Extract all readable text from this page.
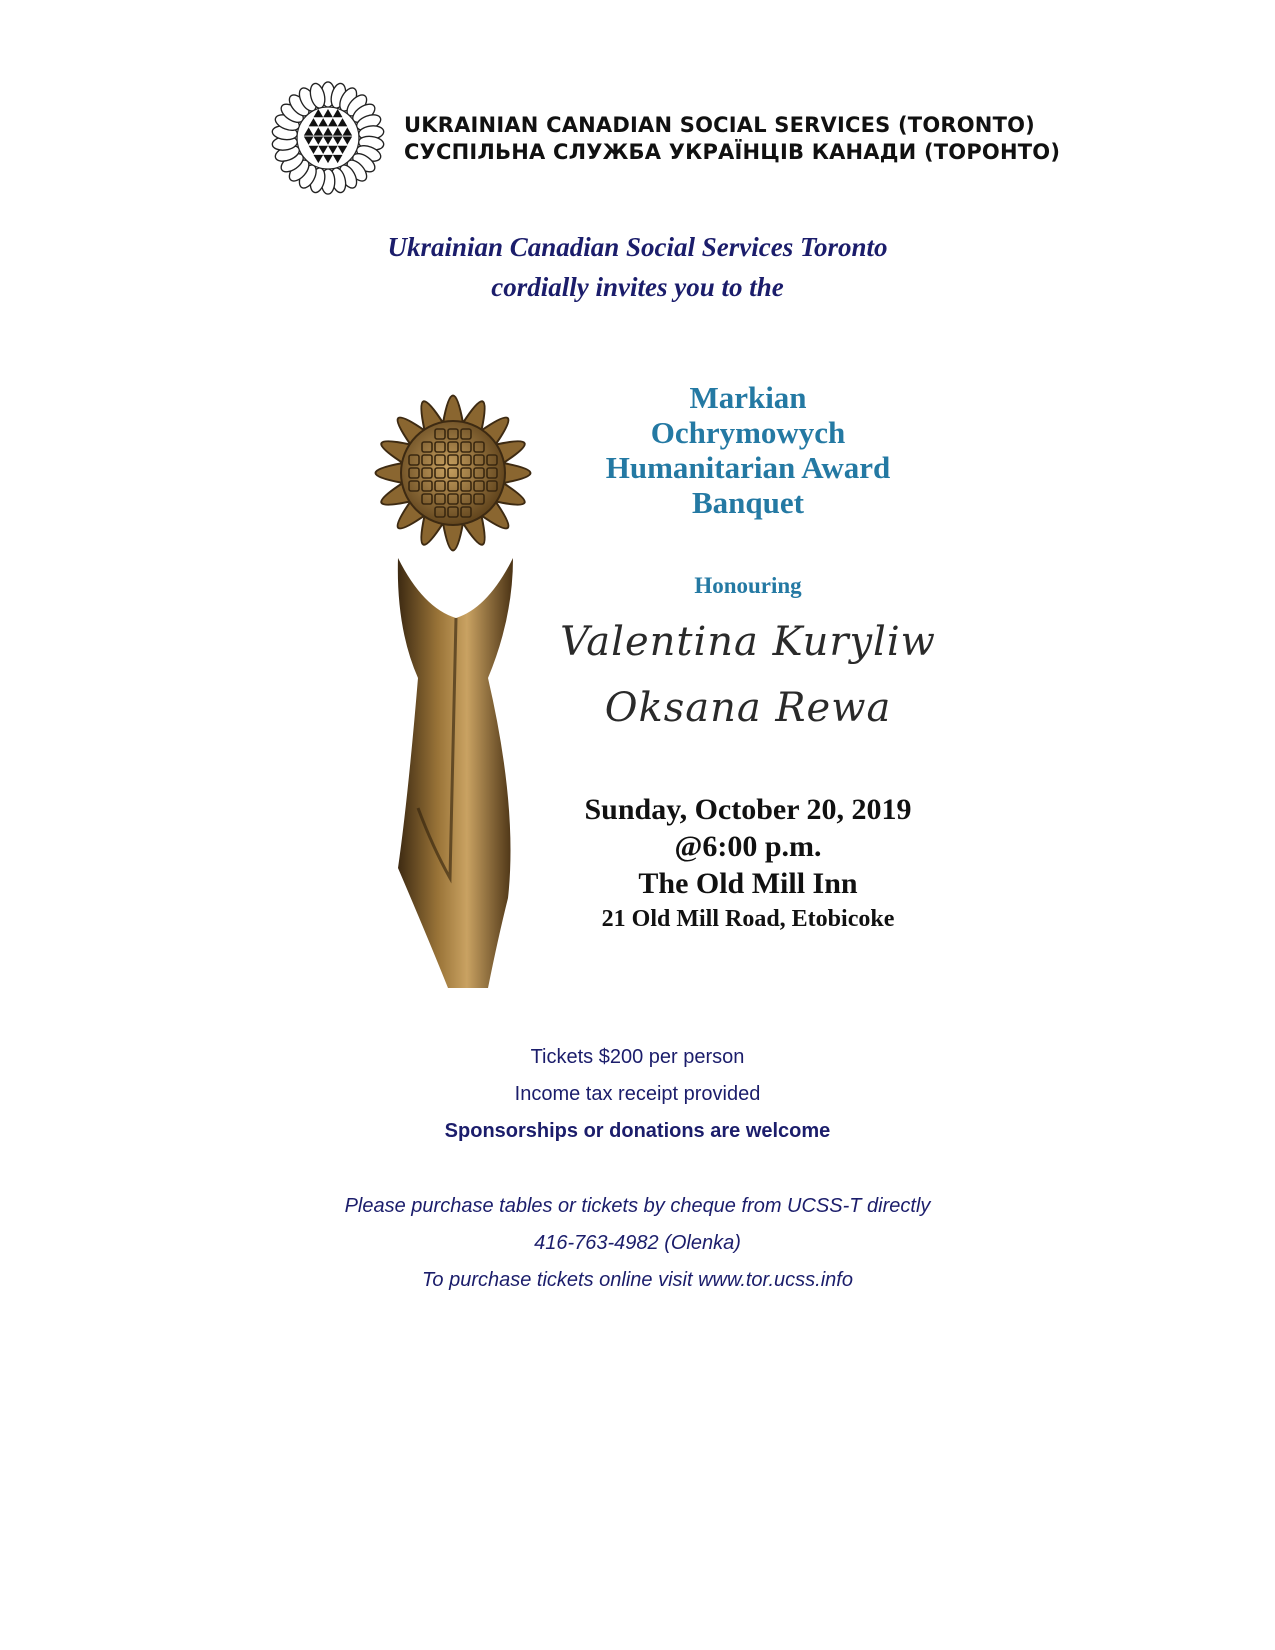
UKRAINIAN CANADIAN SOCIAL SERVICES (TORONTO)
СУСПІЛЬНА СЛУЖБА УКРАЇНЦІВ КАНАДИ (ТОРОНТО)
Ukrainian Canadian Social Services Toronto
cordially invites you to the
Markian
Ochrymowych
Humanitarian Award
Banquet
Honouring
Valentina Kurylіw
Oksana Rewa
Sunday, October 20, 2019
@6:00 p.m.
The Old Mill Inn
21 Old Mill Road, Etobicoke
Tickets $200 per person
Income tax receipt provided
Sponsorships or donations are welcome
Please purchase tables or tickets by cheque from UCSS-T directly
416-763-4982 (Olenka)
To purchase tickets online visit www.tor.ucss.info
